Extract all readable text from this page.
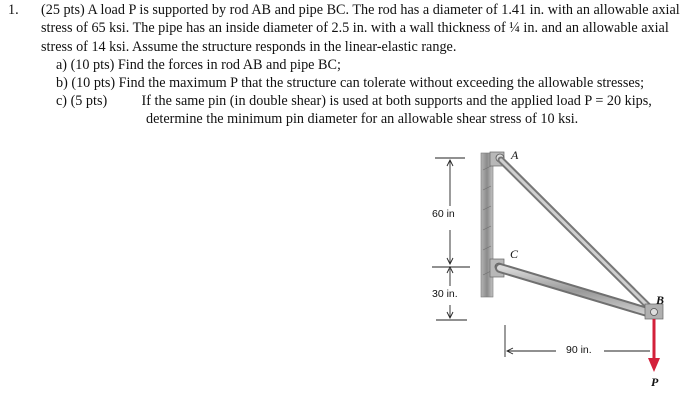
1. (25 pts) A load P is supported by rod AB and pipe BC. The rod has a diameter of 1.41 in. with an allowable axial stress of 65 ksi. The pipe has an inside diameter of 2.5 in. with a wall thickness of ¼ in. and an allowable axial stress of 14 ksi. Assume the structure responds in the linear-elastic range.
a) (10 pts) Find the forces in rod AB and pipe BC;
b) (10 pts) Find the maximum P that the structure can tolerate without exceeding the allowable stresses;
c) (5 pts) If the same pin (in double shear) is used at both supports and the applied load P = 20 kips,
determine the minimum pin diameter for an allowable shear stress of 10 ksi.
60 in
30 in.
90 in.
A
C
B
P
